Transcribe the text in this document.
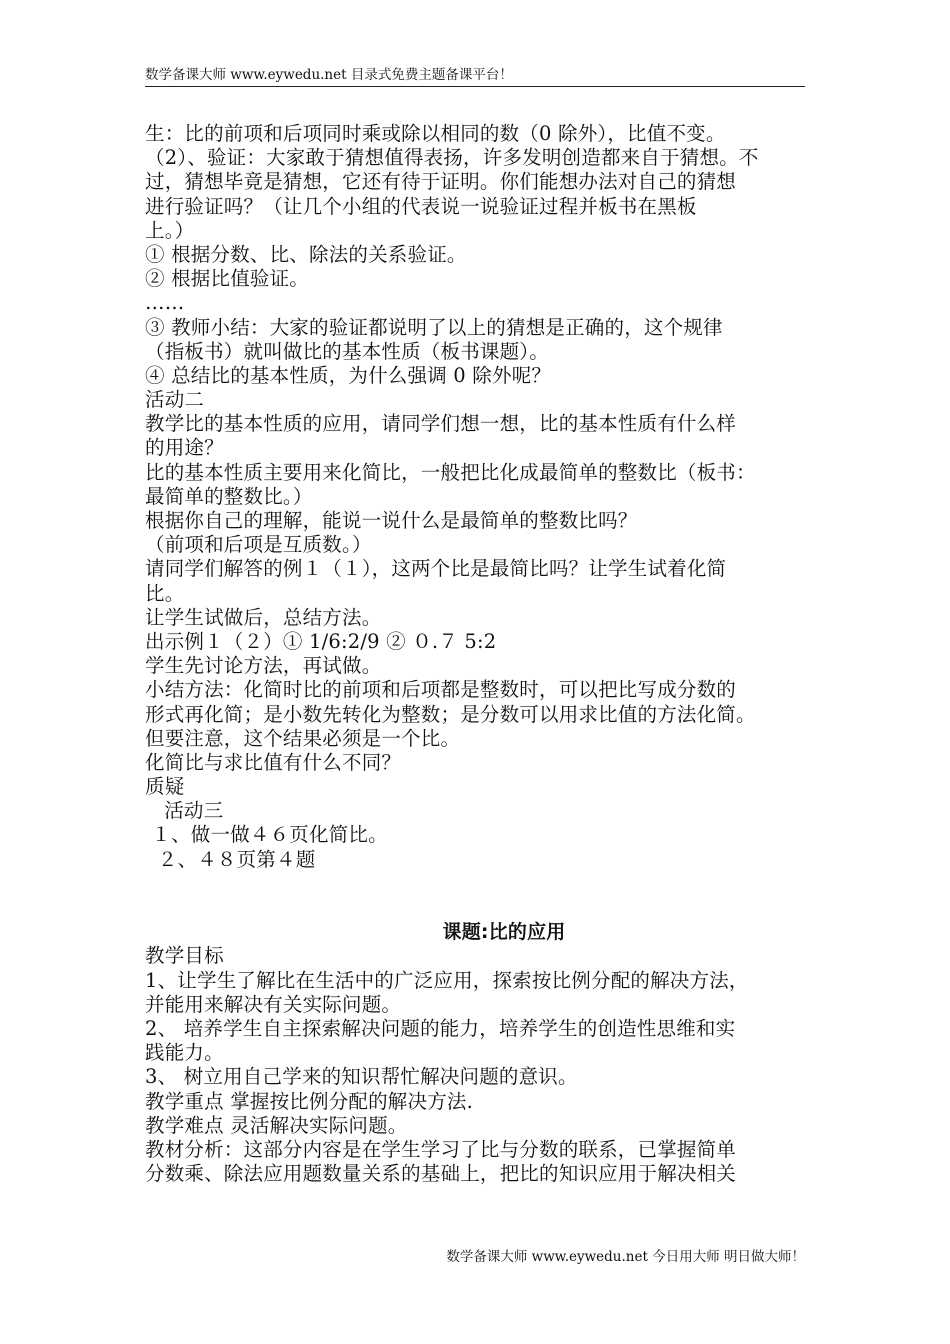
数学备课大师 www.eywedu.net 目录式免费主题备课平台！
生：比的前项和后项同时乘或除以相同的数（0 除外），比值不变。
（2）、验证：大家敢于猜想值得表扬，许多发明创造都来自于猜想。不
过，猜想毕竟是猜想，它还有待于证明。你们能想办法对自己的猜想
进行验证吗？（让几个小组的代表说一说验证过程并板书在黑板
上。）
① 根据分数、比、除法的关系验证。
② 根据比值验证。
……
③ 教师小结：大家的验证都说明了以上的猜想是正确的，这个规律
（指板书）就叫做比的基本性质（板书课题）。
④ 总结比的基本性质，为什么强调 0 除外呢？
活动二
教学比的基本性质的应用，请同学们想一想，比的基本性质有什么样
的用途？
比的基本性质主要用来化简比，一般把比化成最简单的整数比（板书：
最简单的整数比。）
根据你自己的理解，能说一说什么是最简单的整数比吗？
（前项和后项是互质数。）
请同学们解答的例１（１），这两个比是最简比吗？让学生试着化简
比。
让学生试做后，总结方法。
出示例１（２）① 1/6:2/9 ② ０.７ 5:2
学生先讨论方法，再试做。
小结方法：化简时比的前项和后项都是整数时，可以把比写成分数的
形式再化简；是小数先转化为整数；是分数可以用求比值的方法化简。
但要注意，这个结果必须是一个比。
化简比与求比值有什么不同？
质疑
活动三
１、做一做４６页化简比。
２、４８页第４题
课题:比的应用
教学目标
1、让学生了解比在生活中的广泛应用，探索按比例分配的解决方法，
并能用来解决有关实际问题。
2、 培养学生自主探索解决问题的能力，培养学生的创造性思维和实
践能力。
3、 树立用自己学来的知识帮忙解决问题的意识。
教学重点 掌握按比例分配的解决方法.
教学难点 灵活解决实际问题。
教材分析：这部分内容是在学生学习了比与分数的联系，已掌握简单
分数乘、除法应用题数量关系的基础上，把比的知识应用于解决相关
数学备课大师 www.eywedu.net 今日用大师 明日做大师！
